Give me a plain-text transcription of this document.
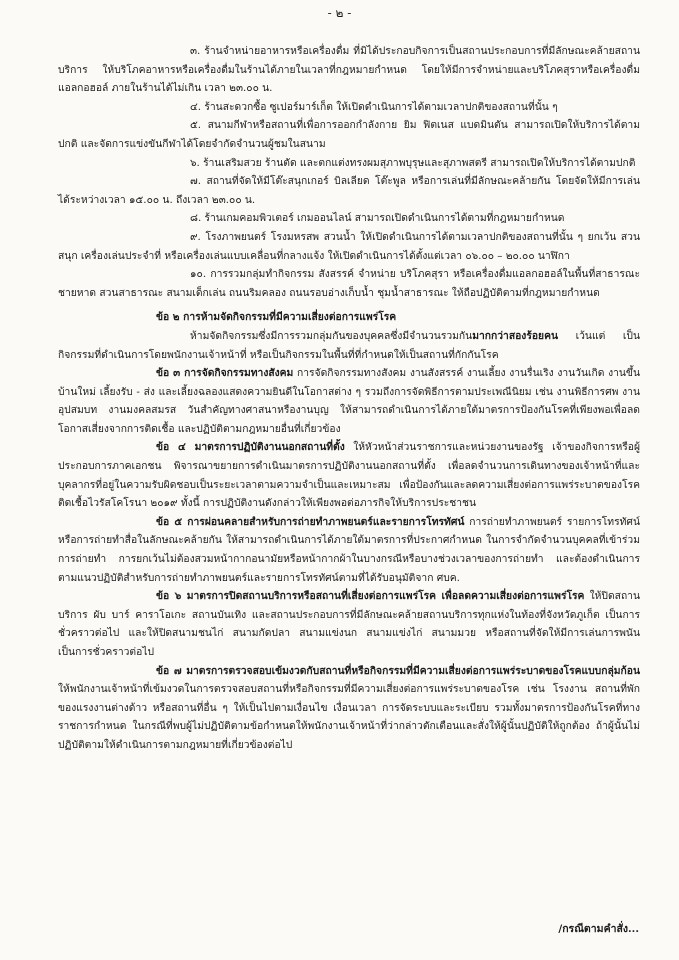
- ๒ -

๓. ร้านจำหน่ายอาหารหรือเครื่องดื่ม ที่มิได้ประกอบกิจการเป็นสถานประกอบการที่มีลักษณะคล้ายสถานบริการ ให้บริโภคอาหารหรือเครื่องดื่มในร้านได้ภายในเวลาที่กฎหมายกำหนด โดยให้มีการจำหน่ายและบริโภคสุราหรือเครื่องดื่มแอลกอฮอล์ ภายในร้านได้ไม่เกิน เวลา ๒๓.๐๐ น.

๔. ร้านสะดวกซื้อ ซูเปอร์มาร์เก็ต ให้เปิดดำเนินการได้ตามเวลาปกติของสถานที่นั้น ๆ

๕. สนามกีฬาหรือสถานที่เพื่อการออกกำลังกาย ยิม ฟิตเนส แบดมินตัน สามารถเปิดให้บริการได้ตามปกติ และจัดการแข่งขันกีฬาได้โดยจำกัดจำนวนผู้ชมในสนาม

๖. ร้านเสริมสวย ร้านตัด และตกแต่งทรงผมสุภาพบุรุษและสุภาพสตรี สามารถเปิดให้บริการได้ตามปกติ

๗. สถานที่จัดให้มีโต๊ะสนุกเกอร์ บิลเลียด โต๊ะพูล หรือการเล่นที่มีลักษณะคล้ายกัน โดยจัดให้มีการเล่นได้ระหว่างเวลา ๑๕.๐๐ น. ถึงเวลา ๒๓.๐๐ น.

๘. ร้านเกมคอมพิวเตอร์ เกมออนไลน์ สามารถเปิดดำเนินการได้ตามที่กฎหมายกำหนด

๙. โรงภาพยนตร์ โรงมหรสพ สวนน้ำ ให้เปิดดำเนินการได้ตามเวลาปกติของสถานที่นั้น ๆ ยกเว้น สวนสนุก เครื่องเล่นประจำที่ หรือเครื่องเล่นแบบเคลื่อนที่กลางแจ้ง ให้เปิดดำเนินการได้ตั้งแต่เวลา ๐๖.๐๐ – ๒๐.๐๐ นาฬิกา

๑๐. การรวมกลุ่มทำกิจกรรม สังสรรค์ จำหน่าย บริโภคสุรา หรือเครื่องดื่มแอลกอฮอล์ในพื้นที่สาธารณะ ชายหาด สวนสาธารณะ สนามเด็กเล่น ถนนริมคลอง ถนนรอบอ่างเก็บน้ำ ชุมน้ำสาธารณะ ให้ถือปฏิบัติตามที่กฎหมายกำหนด

ข้อ ๒ การห้ามจัดกิจกรรมที่มีความเสี่ยงต่อการแพร่โรค

ห้ามจัดกิจกรรมซึ่งมีการรวมกลุ่มกันของบุคคลซึ่งมีจำนวนรวมกันมากกว่าสองร้อยคน เว้นแต่ เป็นกิจกรรมที่ดำเนินการโดยพนักงานเจ้าหน้าที่ หรือเป็นกิจกรรมในพื้นที่ที่กำหนดให้เป็นสถานที่กักกันโรค

ข้อ ๓ การจัดกิจกรรมทางสังคม การจัดกิจกรรมทางสังคม งานสังสรรค์ งานเลี้ยง งานรื่นเริง งานวันเกิด งานขึ้นบ้านใหม่ เลี้ยงรับ - ส่ง และเลี้ยงฉลองแสดงความยินดีในโอกาสต่าง ๆ รวมถึงการจัดพิธีการตามประเพณีนิยม เช่น งานพิธีการศพ งานอุปสมบท งานมงคลสมรส วันสำคัญทางศาสนาหรืองานบุญ ให้สามารถดำเนินการได้ภายใต้มาตรการป้องกันโรคที่เพียงพอเพื่อลดโอกาสเสี่ยงจากการติดเชื้อ และปฏิบัติตามกฎหมายอื่นที่เกี่ยวข้อง

ข้อ ๔ มาตรการปฏิบัติงานนอกสถานที่ตั้ง ให้หัวหน้าส่วนราชการและหน่วยงานของรัฐ เจ้าของกิจการหรือผู้ประกอบการภาคเอกชน พิจารณาขยายการดำเนินมาตรการปฏิบัติงานนอกสถานที่ตั้ง เพื่อลดจำนวนการเดินทางของเจ้าหน้าที่และบุคลากรที่อยู่ในความรับผิดชอบเป็นระยะเวลาตามความจำเป็นและเหมาะสม เพื่อป้องกันและลดความเสี่ยงต่อการแพร่ระบาดของโรคติดเชื้อไวรัสโคโรนา ๒๐๑๙ ทั้งนี้ การปฏิบัติงานดังกล่าวให้เพียงพอต่อภารกิจให้บริการประชาชน

ข้อ ๕ การผ่อนคลายสำหรับการถ่ายทำภาพยนตร์และรายการโทรทัศน์ การถ่ายทำภาพยนตร์ รายการโทรทัศน์ หรือการถ่ายทำสื่อในลักษณะคล้ายกัน ให้สามารถดำเนินการได้ภายใต้มาตรการที่ประกาศกำหนด ในการจำกัดจำนวนบุคคลที่เข้าร่วมการถ่ายทำ การยกเว้นไม่ต้องสวมหน้ากากอนามัยหรือหน้ากากผ้าในบางกรณีหรือบางช่วงเวลาของการถ่ายทำ และต้องดำเนินการตามแนวปฏิบัติสำหรับการถ่ายทำภาพยนตร์และรายการโทรทัศน์ตามที่ได้รับอนุมัติจาก ศบค.

ข้อ ๖ มาตรการปิดสถานบริการหรือสถานที่เสี่ยงต่อการแพร่โรค เพื่อลดความเสี่ยงต่อการแพร่โรค ให้ปิดสถานบริการ ผับ บาร์ คาราโอเกะ สถานบันเทิง และสถานประกอบการที่มีลักษณะคล้ายสถานบริการทุกแห่งในท้องที่จังหวัดภูเก็ต เป็นการชั่วคราวต่อไป และให้ปิดสนามชนไก่ สนามกัดปลา สนามแข่งนก สนามแข่งไก่ สนามมวย หรือสถานที่จัดให้มีการเล่นการพนัน เป็นการชั่วคราวต่อไป

ข้อ ๗ มาตรการตรวจสอบเข้มงวดกับสถานที่หรือกิจกรรมที่มีความเสี่ยงต่อการแพร่ระบาดของโรคแบบกลุ่มก้อน ให้พนักงานเจ้าหน้าที่เข้มงวดในการตรวจสอบสถานที่หรือกิจกรรมที่มีความเสี่ยงต่อการแพร่ระบาดของโรค เช่น โรงงาน สถานที่พักของแรงงานต่างด้าว หรือสถานที่อื่น ๆ ให้เป็นไปตามเงื่อนไข เงื่อนเวลา การจัดระบบและระเบียบ รวมทั้งมาตรการป้องกันโรคที่ทางราชการกำหนด ในกรณีที่พบผู้ไม่ปฏิบัติตามข้อกำหนดให้พนักงานเจ้าหน้าที่ว่ากล่าวตักเตือนและสั่งให้ผู้นั้นปฏิบัติให้ถูกต้อง ถ้าผู้นั้นไม่ปฏิบัติตามให้ดำเนินการตามกฎหมายที่เกี่ยวข้องต่อไป

/กรณีตามคำสั่ง...
